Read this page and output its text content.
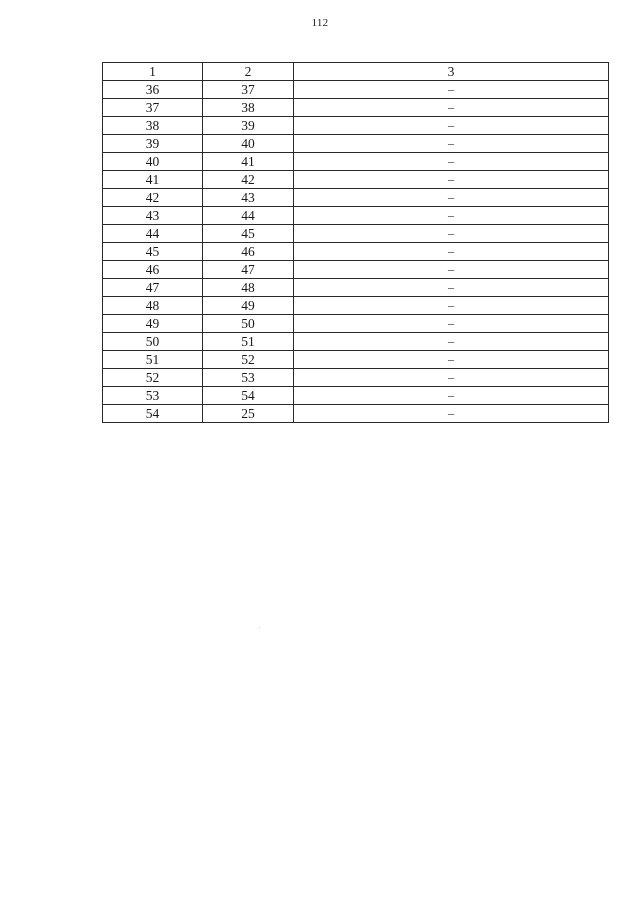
112
1	2	3
36	37	–
37	38	–
38	39	–
39	40	–
40	41	–
41	42	–
42	43	–
43	44	–
44	45	–
45	46	–
46	47	–
47	48	–
48	49	–
49	50	–
50	51	–
51	52	–
52	53	–
53	54	–
54	25	–
